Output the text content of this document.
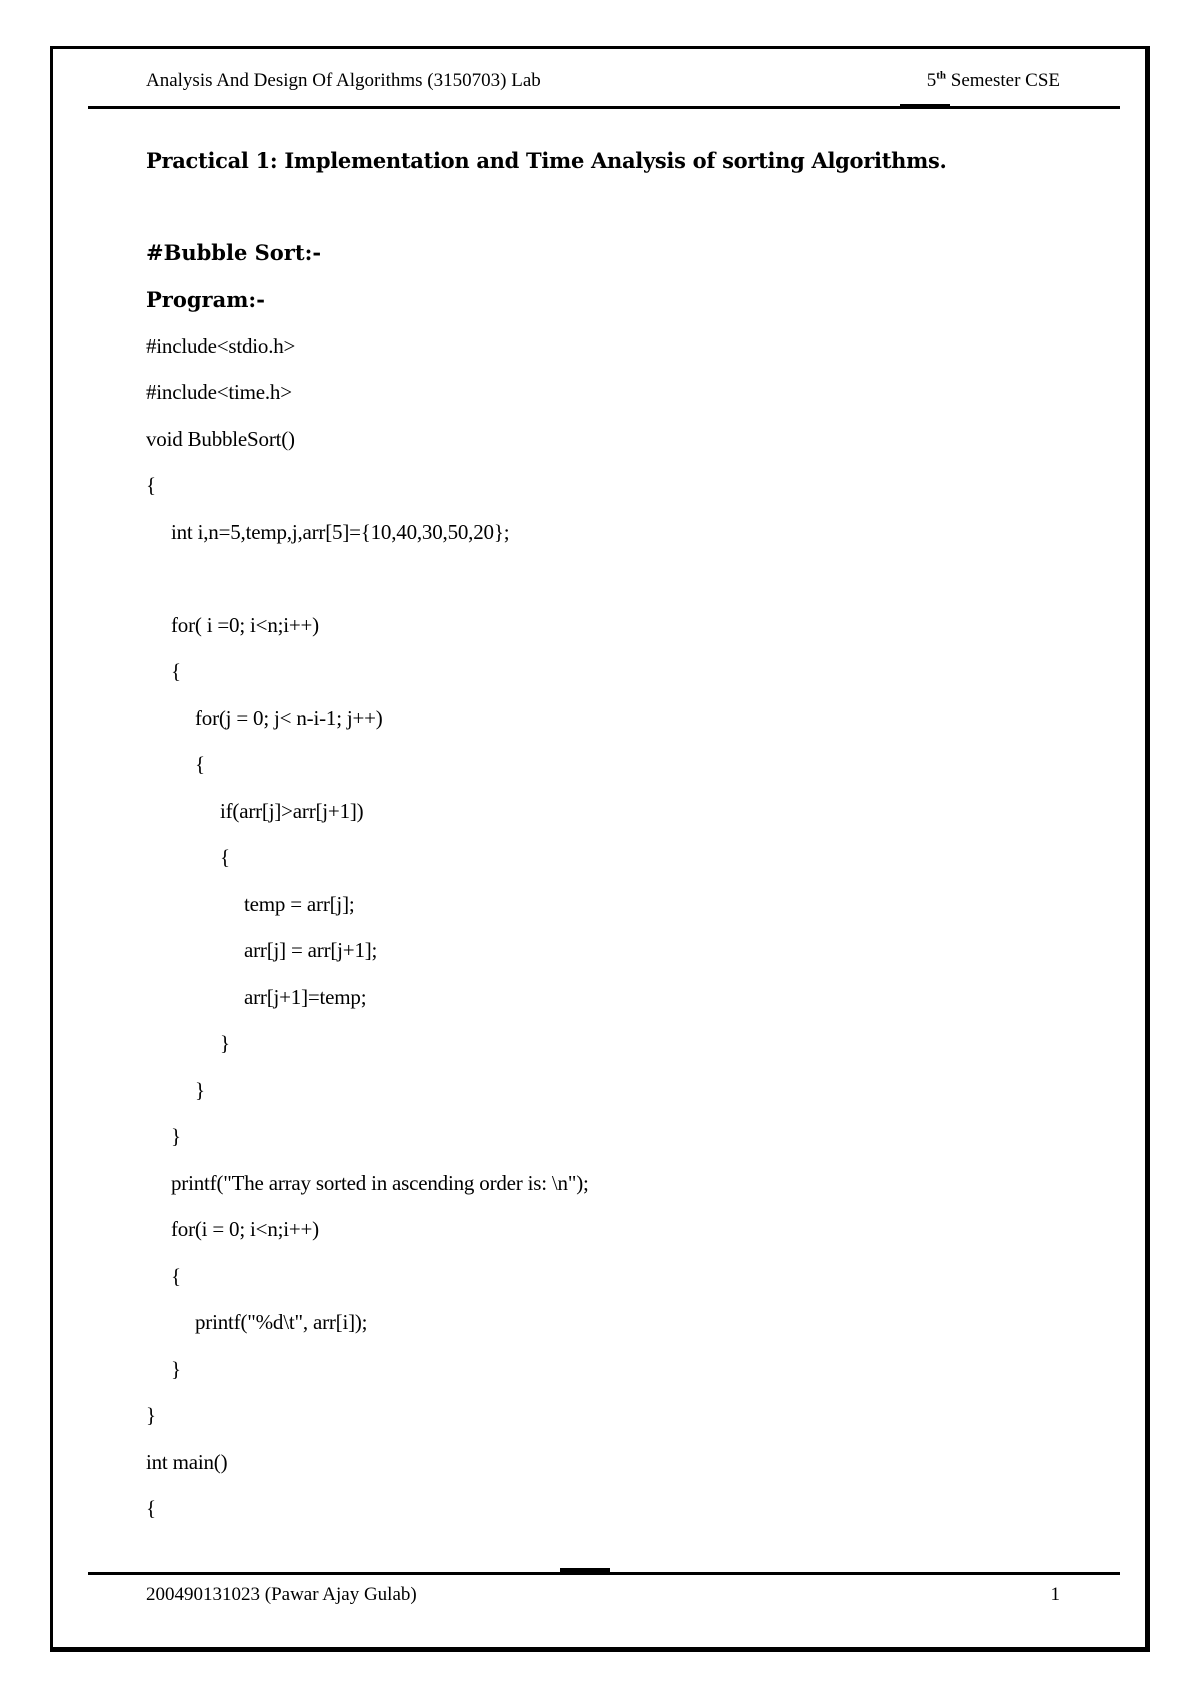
Analysis And Design Of Algorithms (3150703) Lab	5th Semester CSE
Practical 1: Implementation and Time Analysis of sorting Algorithms.
#Bubble Sort:-
Program:-
#include<stdio.h>
#include<time.h>
void BubbleSort()
{
int i,n=5,temp,j,arr[5]={10,40,30,50,20};
for( i =0; i<n;i++)
{
for(j = 0; j< n-i-1; j++)
{
if(arr[j]>arr[j+1])
{
temp = arr[j];
arr[j] = arr[j+1];
arr[j+1]=temp;
}
}
}
printf("The array sorted in ascending order is: \n");
for(i = 0; i<n;i++)
{
printf("%d\t", arr[i]);
}
}
int main()
{
200490131023 (Pawar Ajay Gulab)	1
